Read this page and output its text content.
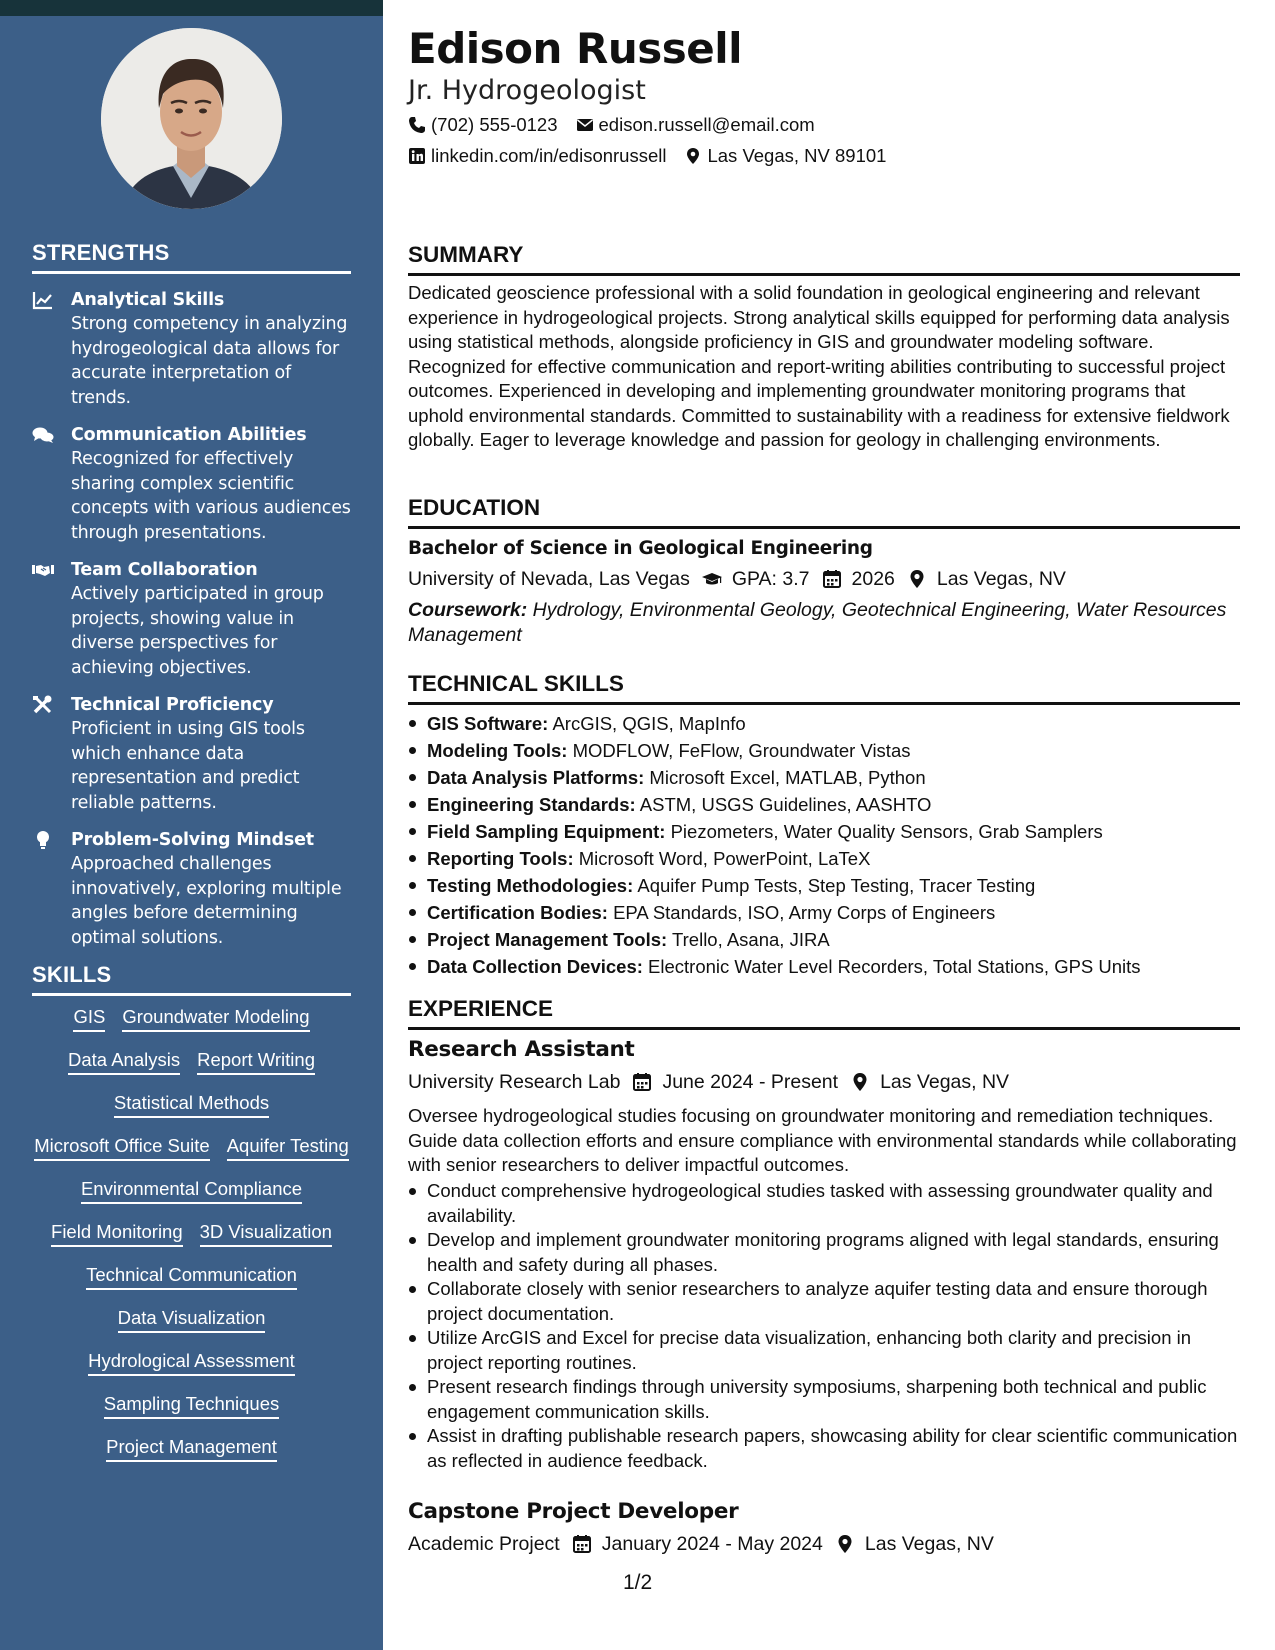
STRENGTHS
Analytical Skills
Strong competency in analyzing hydrogeological data allows for accurate interpretation of trends.
Communication Abilities
Recognized for effectively sharing complex scientific concepts with various audiences through presentations.
Team Collaboration
Actively participated in group projects, showing value in diverse perspectives for achieving objectives.
Technical Proficiency
Proficient in using GIS tools which enhance data representation and predict reliable patterns.
Problem-Solving Mindset
Approached challenges innovatively, exploring multiple angles before determining optimal solutions.
SKILLS
GIS Groundwater Modeling
Data Analysis Report Writing
Statistical Methods
Microsoft Office Suite Aquifer Testing
Environmental Compliance
Field Monitoring 3D Visualization
Technical Communication
Data Visualization
Hydrological Assessment
Sampling Techniques
Project Management
Edison Russell
Jr. Hydrogeologist
(702) 555-0123 edison.russell@email.com
linkedin.com/in/edisonrussell Las Vegas, NV 89101
SUMMARY

Dedicated geoscience professional with a solid foundation in geological engineering and relevant experience in hydrogeological projects. Strong analytical skills equipped for performing data analysis using statistical methods, alongside proficiency in GIS and groundwater modeling software. Recognized for effective communication and report-writing abilities contributing to successful project outcomes. Experienced in developing and implementing groundwater monitoring programs that uphold environmental standards. Committed to sustainability with a readiness for extensive fieldwork globally. Eager to leverage knowledge and passion for geology in challenging environments.

EDUCATION
Bachelor of Science in Geological Engineering
University of Nevada, Las Vegas GPA: 3.7 2026 Las Vegas, NV

Coursework: Hydrology, Environmental Geology, Geotechnical Engineering, Water Resources Management

TECHNICAL SKILLS
GIS Software: ArcGIS, QGIS, MapInfo
Modeling Tools: MODFLOW, FeFlow, Groundwater Vistas
Data Analysis Platforms: Microsoft Excel, MATLAB, Python
Engineering Standards: ASTM, USGS Guidelines, AASHTO
Field Sampling Equipment: Piezometers, Water Quality Sensors, Grab Samplers
Reporting Tools: Microsoft Word, PowerPoint, LaTeX
Testing Methodologies: Aquifer Pump Tests, Step Testing, Tracer Testing
Certification Bodies: EPA Standards, ISO, Army Corps of Engineers
Project Management Tools: Trello, Asana, JIRA
Data Collection Devices: Electronic Water Level Recorders, Total Stations, GPS Units
EXPERIENCE
Research Assistant
University Research Lab June 2024 - Present Las Vegas, NV

Oversee hydrogeological studies focusing on groundwater monitoring and remediation techniques. Guide data collection efforts and ensure compliance with environmental standards while collaborating with senior researchers to deliver impactful outcomes.

Conduct comprehensive hydrogeological studies tasked with assessing groundwater quality and availability.
Develop and implement groundwater monitoring programs aligned with legal standards, ensuring health and safety during all phases.
Collaborate closely with senior researchers to analyze aquifer testing data and ensure thorough project documentation.
Utilize ArcGIS and Excel for precise data visualization, enhancing both clarity and precision in project reporting routines.
Present research findings through university symposiums, sharpening both technical and public engagement communication skills.
Assist in drafting publishable research papers, showcasing ability for clear scientific communication as reflected in audience feedback.
Capstone Project Developer
Academic Project January 2024 - May 2024 Las Vegas, NV
1/2
